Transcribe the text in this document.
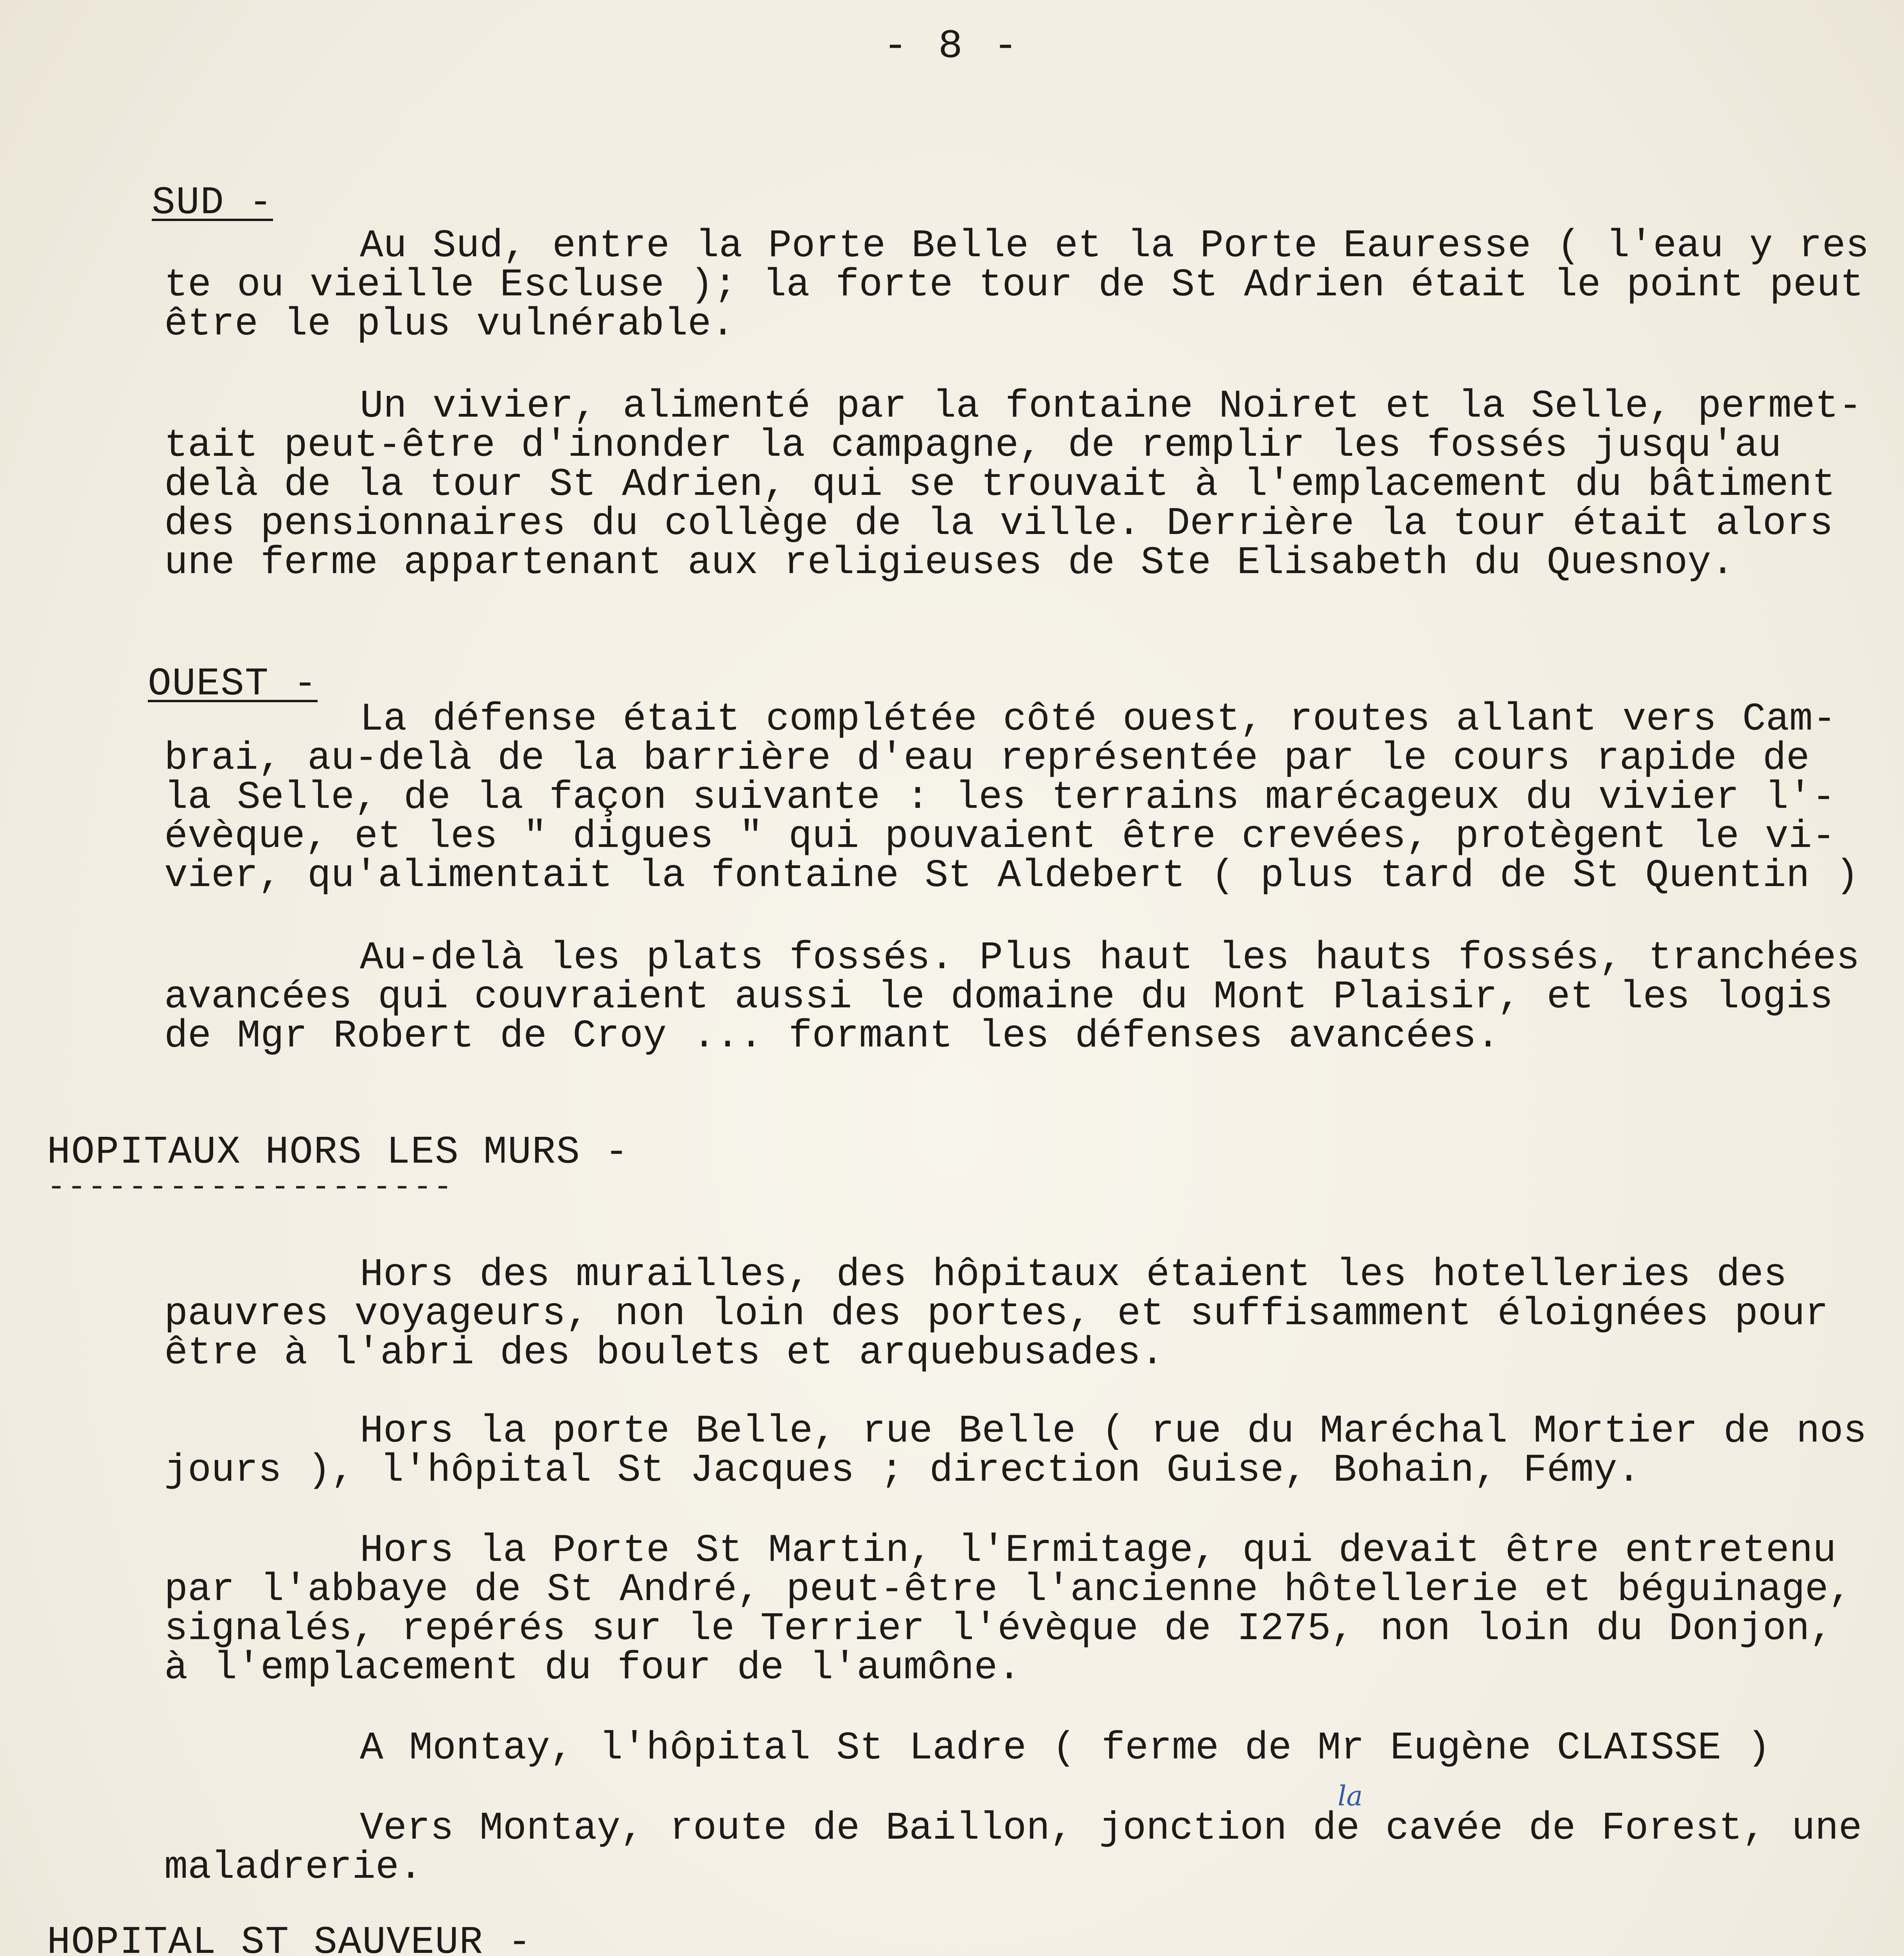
- 8 -

SUD -

Au Sud, entre la Porte Belle et la Porte Eauresse ( l'eau y res
te ou vieille Escluse ); la forte tour de St Adrien était le point peut
être le plus vulnérable.
Un vivier, alimenté par la fontaine Noiret et la Selle, permet-
tait peut-être d'inonder la campagne, de remplir les fossés jusqu'au
delà de la tour St Adrien, qui se trouvait à l'emplacement du bâtiment
des pensionnaires du collège de la ville. Derrière la tour était alors
une ferme appartenant aux religieuses de Ste Elisabeth du Quesnoy.

OUEST -

La défense était complétée côté ouest, routes allant vers Cam-
brai, au-delà de la barrière d'eau représentée par le cours rapide de
la Selle, de la façon suivante : les terrains marécageux du vivier l'-
évèque, et les " digues " qui pouvaient être crevées, protègent le vi-
vier, qu'alimentait la fontaine St Aldebert ( plus tard de St Quentin )
Au-delà les plats fossés. Plus haut les hauts fossés, tranchées
avancées qui couvraient aussi le domaine du Mont Plaisir, et les logis
de Mgr Robert de Croy ... formant les défenses avancées.
HOPITAUX HORS LES MURS -
--------------------
Hors des murailles, des hôpitaux étaient les hotelleries des
pauvres voyageurs, non loin des portes, et suffisamment éloignées pour
être à l'abri des boulets et arquebusades.
Hors la porte Belle, rue Belle ( rue du Maréchal Mortier de nos
jours ), l'hôpital St Jacques ; direction Guise, Bohain, Fémy.
Hors la Porte St Martin, l'Ermitage, qui devait être entretenu
par l'abbaye de St André, peut-être l'ancienne hôtellerie et béguinage,
signalés, repérés sur le Terrier l'évèque de I275, non loin du Donjon,
à l'emplacement du four de l'aumône.
A Montay, l'hôpital St Ladre ( ferme de Mr Eugène CLAISSE )
la
Vers Montay, route de Baillon, jonction de cavée de Forest, une
maladrerie.
HOPITAL ST SAUVEUR -
